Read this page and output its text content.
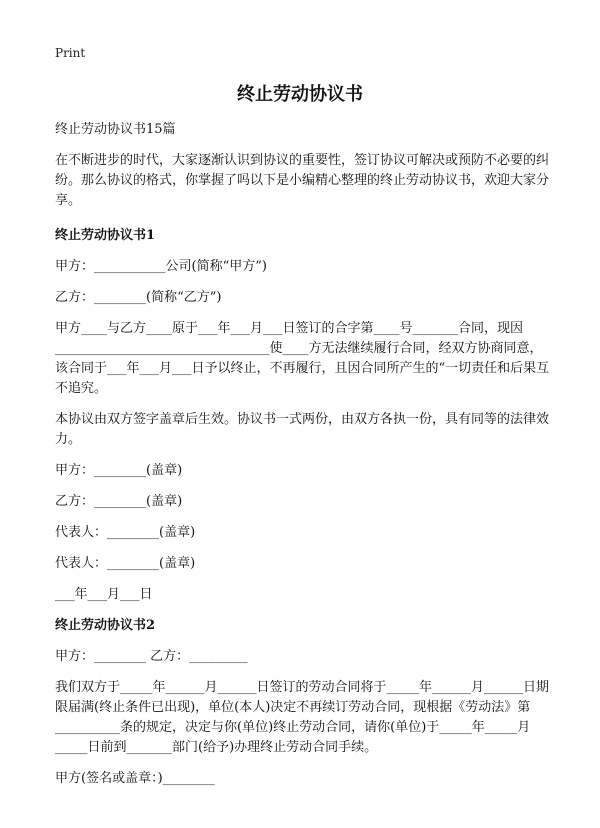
Print
终止劳动协议书

终止劳动协议书15篇

在不断进步的时代，大家逐渐认识到协议的重要性，签订协议可解决或预防不必要的纠纷。那么协议的格式，你掌握了吗以下是小编精心整理的终止劳动协议书，欢迎大家分享。

终止劳动协议书1

甲方：___________公司(简称“甲方”)

乙方：________(简称“乙方”)

甲方____与乙方____原于___年___月___日签订的合字第____号_______合同，现因_________________________________使____方无法继续履行合同，经双方协商同意，该合同于___年___月___日予以终止，不再履行，且因合同所产生的“一切责任和后果互不追究。

本协议由双方签字盖章后生效。协议书一式两份，由双方各执一份，具有同等的法律效力。

甲方：________(盖章)

乙方：________(盖章)

代表人：________(盖章)

代表人：________(盖章)

___年___月___日

终止劳动协议书2

甲方：________ 乙方：_________

我们双方于_____年______月______日签订的劳动合同将于_____年______月______日期限届满(终止条件已出现)，单位(本人)决定不再续订劳动合同，现根据《劳动法》第__________条的规定，决定与你(单位)终止劳动合同，请你(单位)于_____年_____月_____日前到_______部门(给予)办理终止劳动合同手续。

甲方(签名或盖章：)________
